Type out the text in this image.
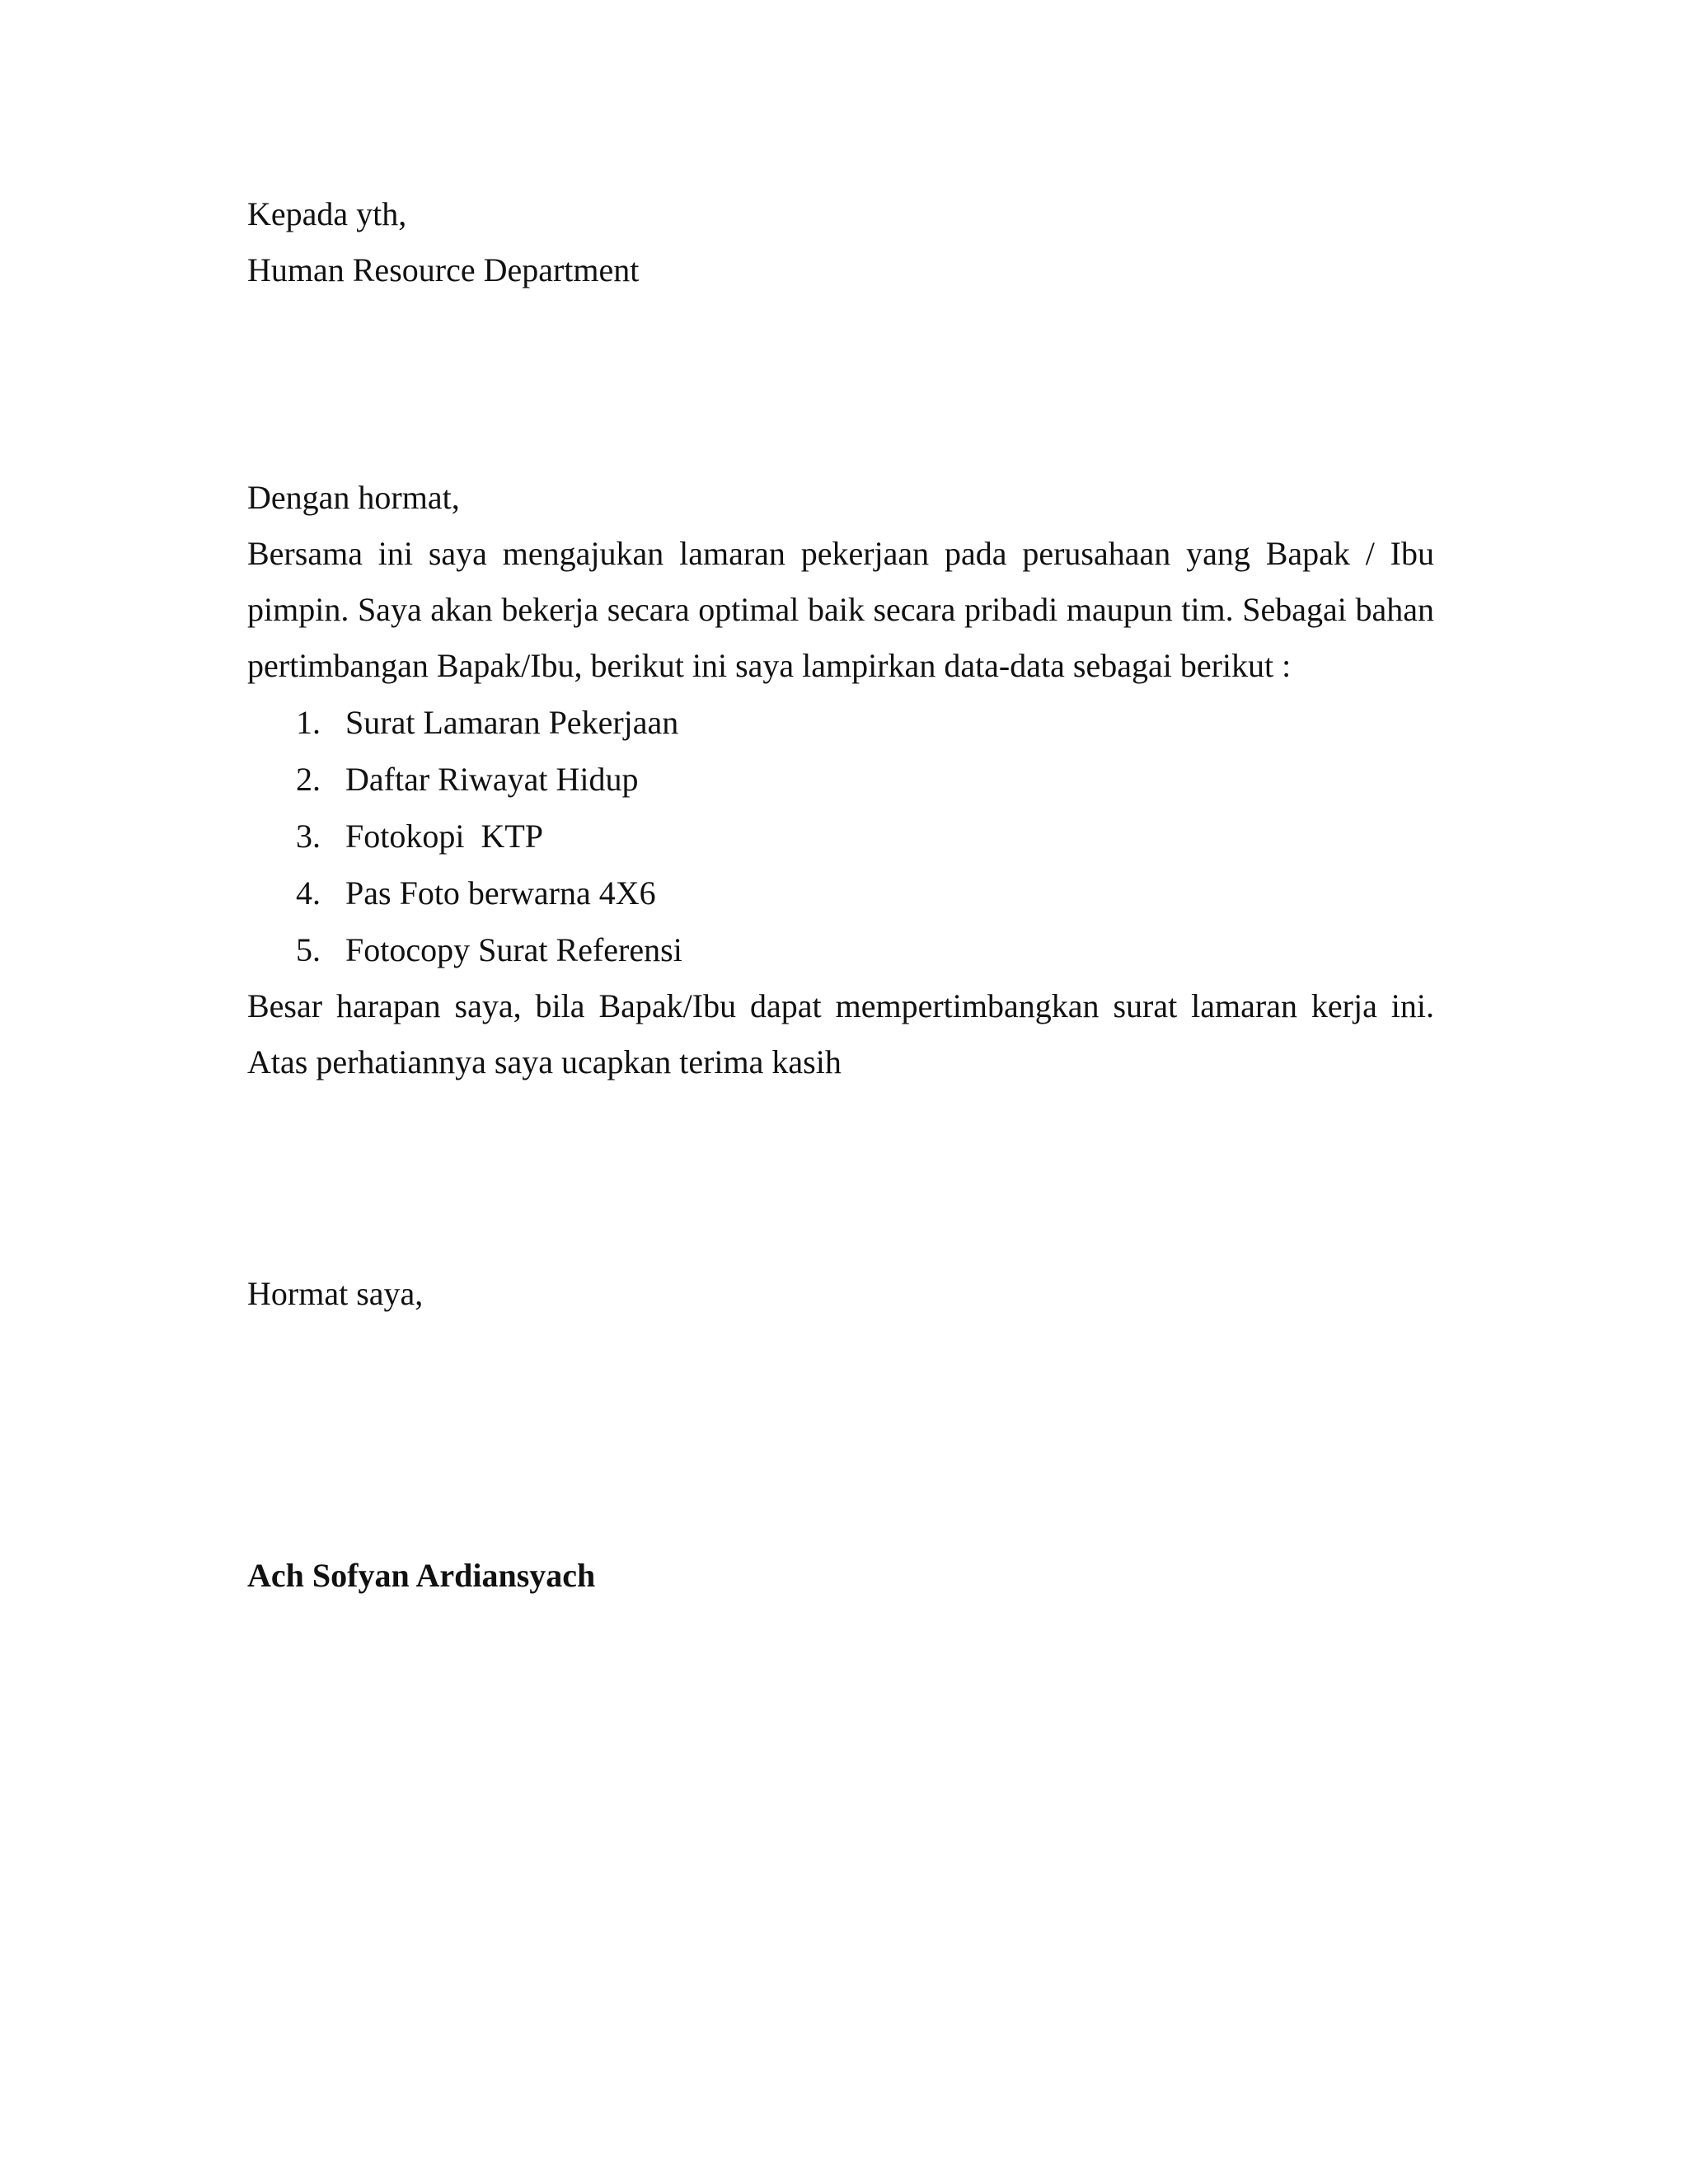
Kepada yth,

Human Resource Department

Dengan hormat,

Bersama ini saya mengajukan lamaran pekerjaan pada perusahaan yang Bapak / Ibu pimpin. Saya akan bekerja secara optimal baik secara pribadi maupun tim. Sebagai bahan pertimbangan Bapak/Ibu, berikut ini saya lampirkan data-data sebagai berikut :

1. Surat Lamaran Pekerjaan
2. Daftar Riwayat Hidup
3. Fotokopi  KTP
4. Pas Foto berwarna 4X6
5. Fotocopy Surat Referensi

Besar harapan saya, bila Bapak/Ibu dapat mempertimbangkan surat lamaran kerja ini. Atas perhatiannya saya ucapkan terima kasih

Hormat saya,

Ach Sofyan Ardiansyach
